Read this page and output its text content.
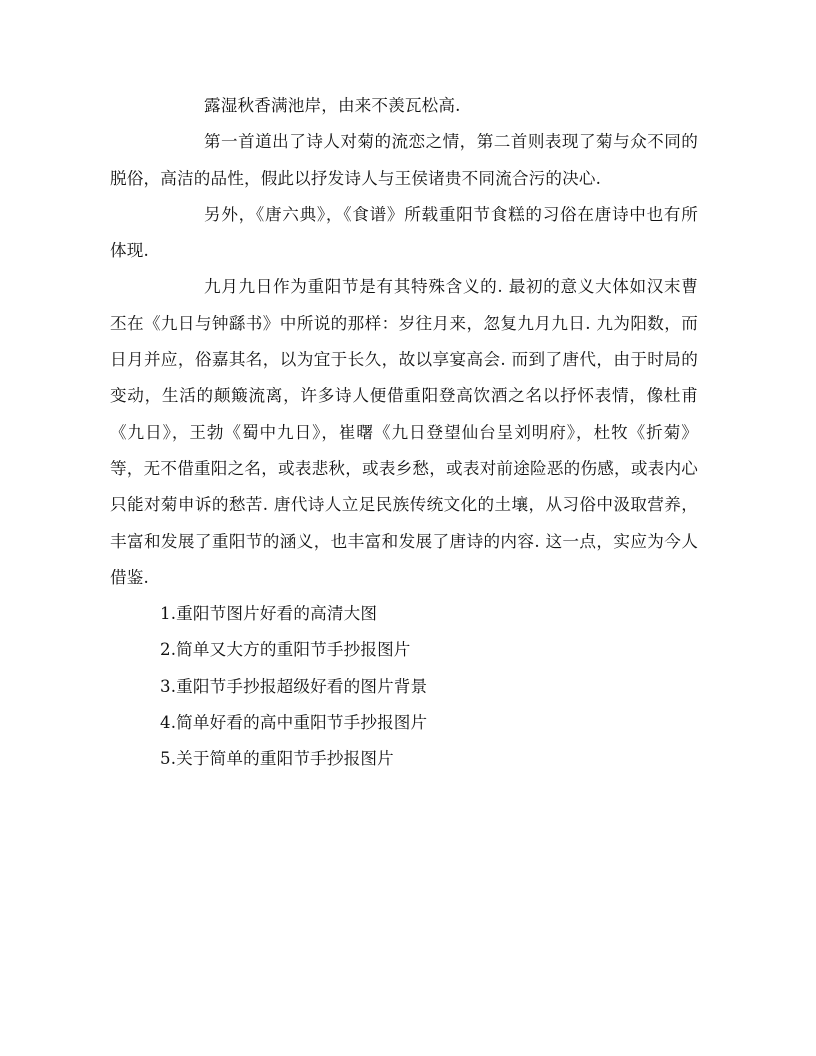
露湿秋香满池岸，由来不羡瓦松高.

第一首道出了诗人对菊的流恋之情，第二首则表现了菊与众不同的脱俗，高洁的品性，假此以抒发诗人与王侯诸贵不同流合污的决心.

另外，《唐六典》，《食谱》所载重阳节食糕的习俗在唐诗中也有所体现.

九月九日作为重阳节是有其特殊含义的. 最初的意义大体如汉末曹丕在《九日与钟繇书》中所说的那样：岁往月来，忽复九月九日. 九为阳数，而日月并应，俗嘉其名，以为宜于长久，故以享宴高会. 而到了唐代，由于时局的变动，生活的颠簸流离，许多诗人便借重阳登高饮酒之名以抒怀表情，像杜甫《九日》，王勃《蜀中九日》，崔曙《九日登望仙台呈刘明府》，杜牧《折菊》等，无不借重阳之名，或表悲秋，或表乡愁，或表对前途险恶的伤感，或表内心只能对菊申诉的愁苦. 唐代诗人立足民族传统文化的土壤，从习俗中汲取营养，丰富和发展了重阳节的涵义，也丰富和发展了唐诗的内容. 这一点，实应为今人借鉴.

1.重阳节图片好看的高清大图
2.简单又大方的重阳节手抄报图片
3.重阳节手抄报超级好看的图片背景
4.简单好看的高中重阳节手抄报图片
5.关于简单的重阳节手抄报图片
